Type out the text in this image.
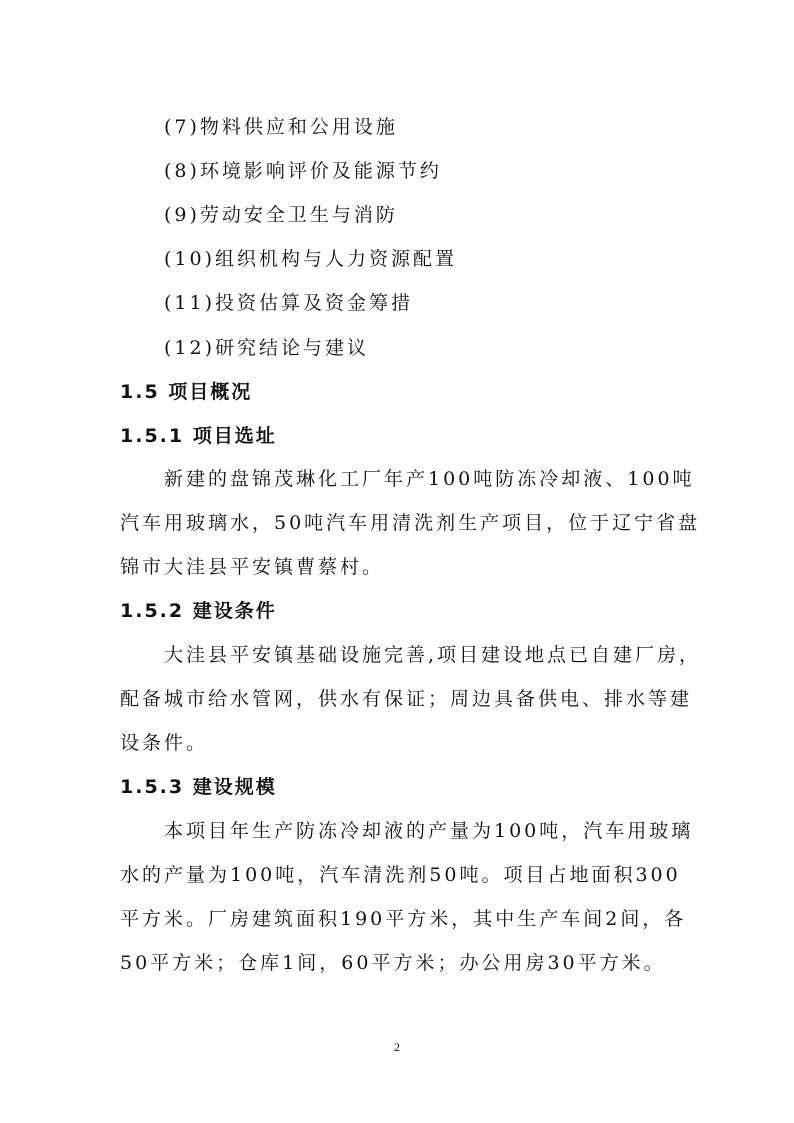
(7)物料供应和公用设施
(8)环境影响评价及能源节约
(9)劳动安全卫生与消防
(10)组织机构与人力资源配置
(11)投资估算及资金筹措
(12)研究结论与建议
1.5 项目概况
1.5.1 项目选址
新建的盘锦茂琳化工厂年产100吨防冻冷却液、100吨
汽车用玻璃水，50吨汽车用清洗剂生产项目，位于辽宁省盘
锦市大洼县平安镇曹蔡村。
1.5.2 建设条件
大洼县平安镇基础设施完善,项目建设地点已自建厂房，
配备城市给水管网，供水有保证；周边具备供电、排水等建
设条件。
1.5.3 建设规模
本项目年生产防冻冷却液的产量为100吨，汽车用玻璃
水的产量为100吨，汽车清洗剂50吨。项目占地面积300
平方米。厂房建筑面积190平方米，其中生产车间2间，各
50平方米；仓库1间，60平方米；办公用房30平方米。
2
